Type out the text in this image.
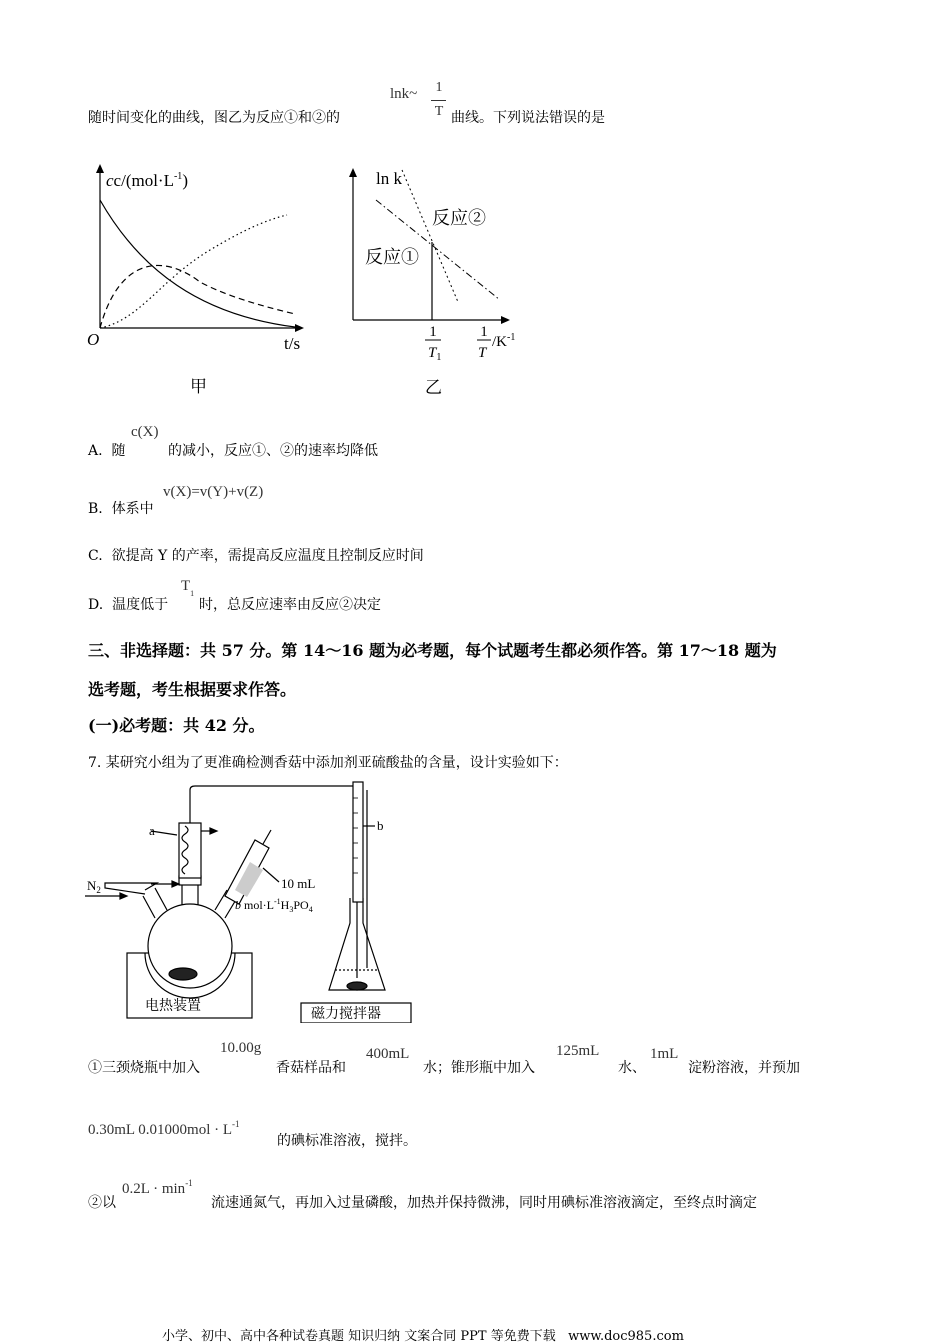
随时间变化的曲线，图乙为反应①和②的
lnk~ 1
T 曲线。下列说法错误的是
$cc/(mol\cdot L^{-1})$
O	t/s
甲
ln k
反应②
反应①
1
$T_1$
1
T
$/K^{-1}$
乙
A. 随
c(X)
的减小，反应①、②的速率均降低
B. 体系中
v(X)=v(Y)+v(Z)
C. 欲提高 Y 的产率，需提高反应温度且控制反应时间
D. 温度低于
$T_1$
时，总反应速率由反应②决定
三、非选择题：共 57 分。第 14～16 题为必考题，每个试题考生都必须作答。第 17～18 题为
选考题，考生根据要求作答。
(一)必考题：共 42 分。
7. 某研究小组为了更准确检测香菇中添加剂亚硫酸盐的含量，设计实验如下：
a	b
$N_2$	10 mL
b $mol\cdot L^{-1}H_3PO_4$
电热装置
磁力搅拌器
①三颈烧瓶中加入
10.00g
香菇样品和
400mL
水；锥形瓶中加入
125mL
水、
1mL
淀粉溶液，并预加
0.30mL $0.01000mol \cdot L^{-1}$
的碘标准溶液，搅拌。
②以
$0.2L \cdot \min^{-1}$
流速通氮气，再加入过量磷酸，加热并保持微沸，同时用碘标准溶液滴定，至终点时滴定
小学、初中、高中各种试卷真题 知识归纳 文案合同 PPT 等免费下载 www.doc985.com
